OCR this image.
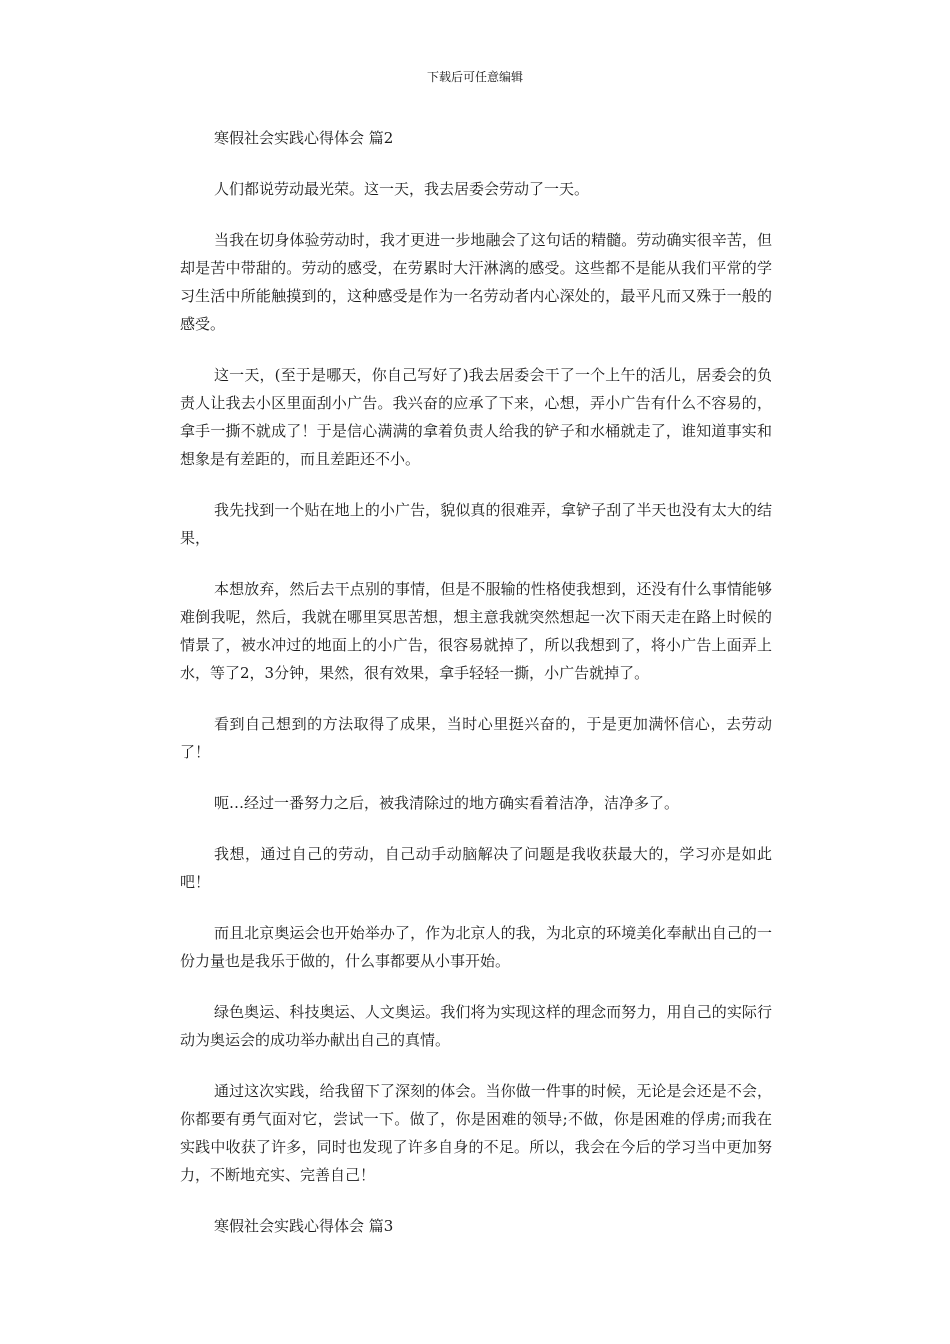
下载后可任意编辑
寒假社会实践心得体会 篇2

人们都说劳动最光荣。这一天，我去居委会劳动了一天。

当我在切身体验劳动时，我才更进一步地融会了这句话的精髓。劳动确实很辛苦，但却是苦中带甜的。劳动的感受，在劳累时大汗淋漓的感受。这些都不是能从我们平常的学习生活中所能触摸到的，这种感受是作为一名劳动者内心深处的，最平凡而又殊于一般的感受。

这一天，(至于是哪天，你自己写好了)我去居委会干了一个上午的活儿，居委会的负责人让我去小区里面刮小广告。我兴奋的应承了下来，心想，弄小广告有什么不容易的，拿手一撕不就成了！于是信心满满的拿着负责人给我的铲子和水桶就走了，谁知道事实和想象是有差距的，而且差距还不小。

我先找到一个贴在地上的小广告，貌似真的很难弄，拿铲子刮了半天也没有太大的结果，

本想放弃，然后去干点别的事情，但是不服输的性格使我想到，还没有什么事情能够难倒我呢，然后，我就在哪里冥思苦想，想主意我就突然想起一次下雨天走在路上时候的情景了，被水冲过的地面上的小广告，很容易就掉了，所以我想到了，将小广告上面弄上水，等了2，3分钟，果然，很有效果，拿手轻轻一撕，小广告就掉了。

看到自己想到的方法取得了成果，当时心里挺兴奋的，于是更加满怀信心，去劳动了！

呃…经过一番努力之后，被我清除过的地方确实看着洁净，洁净多了。

我想，通过自己的劳动，自己动手动脑解决了问题是我收获最大的，学习亦是如此吧！

而且北京奥运会也开始举办了，作为北京人的我，为北京的环境美化奉献出自己的一份力量也是我乐于做的，什么事都要从小事开始。

绿色奥运、科技奥运、人文奥运。我们将为实现这样的理念而努力，用自己的实际行动为奥运会的成功举办献出自己的真情。

通过这次实践，给我留下了深刻的体会。当你做一件事的时候，无论是会还是不会，你都要有勇气面对它，尝试一下。做了，你是困难的领导;不做，你是困难的俘虏;而我在实践中收获了许多，同时也发现了许多自身的不足。所以，我会在今后的学习当中更加努力，不断地充实、完善自己！

寒假社会实践心得体会 篇3
